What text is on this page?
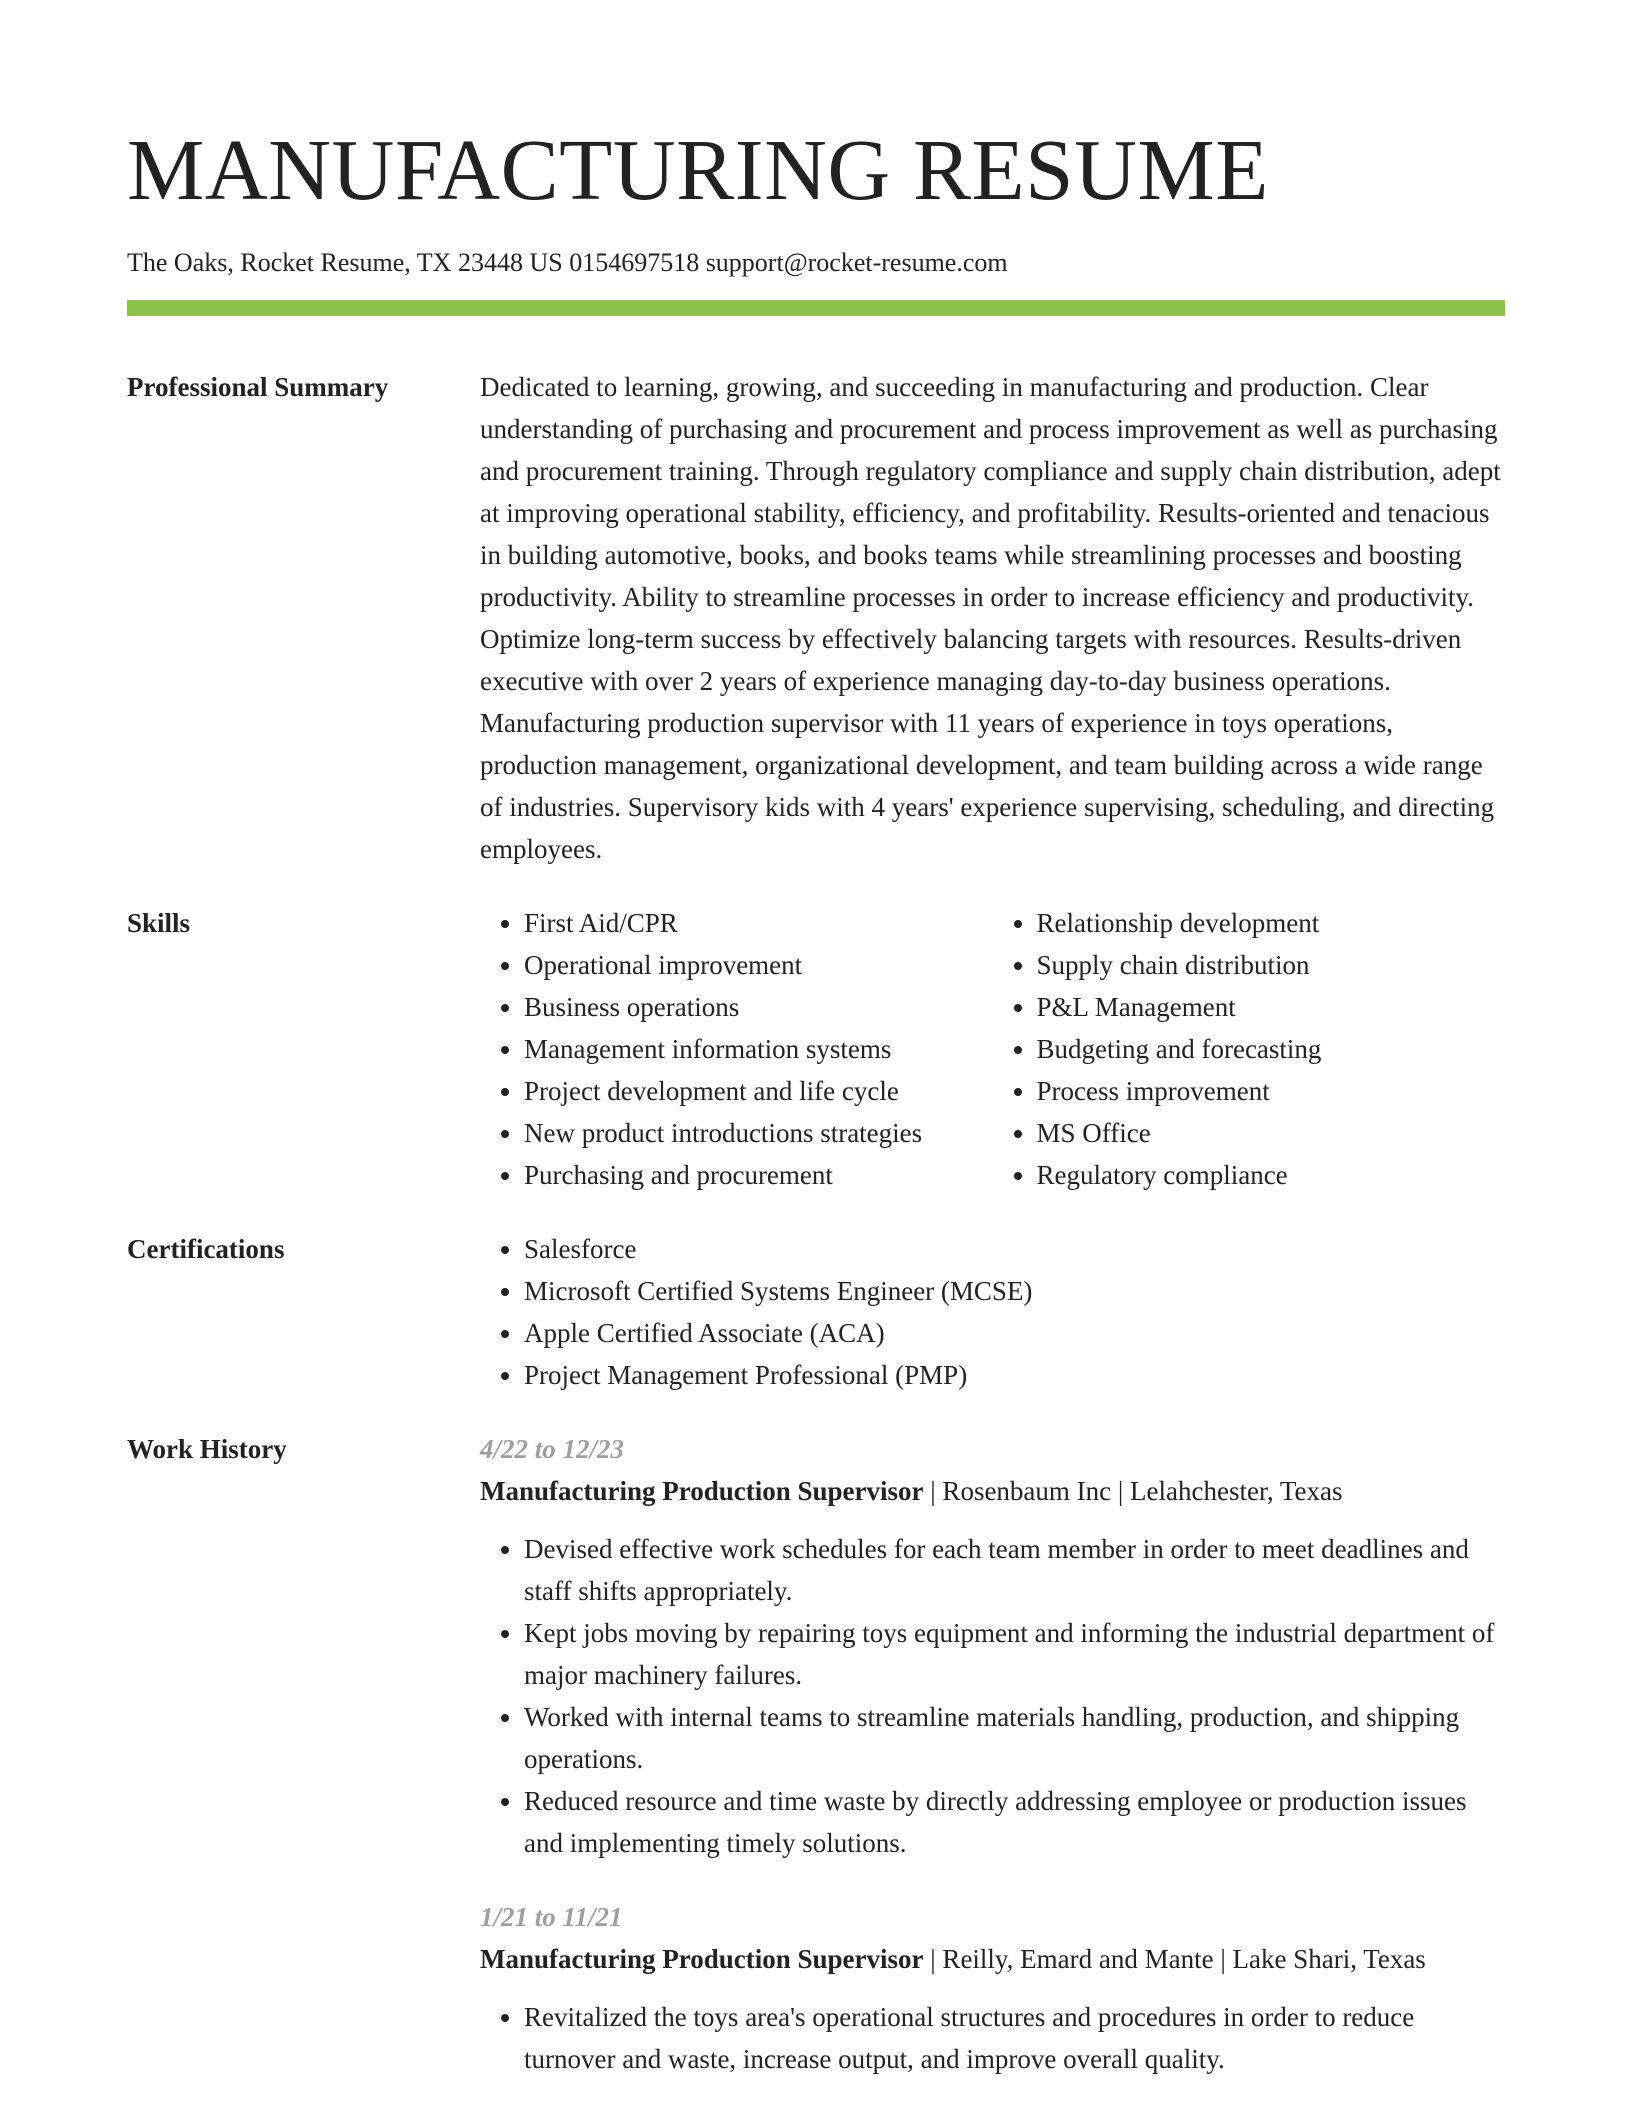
MANUFACTURING RESUME
The Oaks, Rocket Resume, TX 23448 US 0154697518 support@rocket-resume.com
Professional Summary	Dedicated to learning, growing, and succeeding in manufacturing and production. Clear understanding of purchasing and procurement and process improvement as well as purchasing and procurement training. Through regulatory compliance and supply chain distribution, adept at improving operational stability, efficiency, and profitability. Results-oriented and tenacious in building automotive, books, and books teams while streamlining processes and boosting productivity. Ability to streamline processes in order to increase efficiency and productivity. Optimize long-term success by effectively balancing targets with resources. Results-driven executive with over 2 years of experience managing day-to-day business operations. Manufacturing production supervisor with 11 years of experience in toys operations, production management, organizational development, and team building across a wide range of industries. Supervisory kids with 4 years' experience supervising, scheduling, and directing employees.
Skills	• First Aid/CPR
• Operational improvement
• Business operations
• Management information systems
• Project development and life cycle
• New product introductions strategies
• Purchasing and procurement
• Relationship development
• Supply chain distribution
• P&L Management
• Budgeting and forecasting
• Process improvement
• MS Office
• Regulatory compliance
Certifications	• Salesforce
• Microsoft Certified Systems Engineer (MCSE)
• Apple Certified Associate (ACA)
• Project Management Professional (PMP)
Work History	4/22 to 12/23
Manufacturing Production Supervisor | Rosenbaum Inc | Lelahchester, Texas
• Devised effective work schedules for each team member in order to meet deadlines and staff shifts appropriately.
• Kept jobs moving by repairing toys equipment and informing the industrial department of major machinery failures.
• Worked with internal teams to streamline materials handling, production, and shipping operations.
• Reduced resource and time waste by directly addressing employee or production issues and implementing timely solutions.
1/21 to 11/21
Manufacturing Production Supervisor | Reilly, Emard and Mante | Lake Shari, Texas
• Revitalized the toys area's operational structures and procedures in order to reduce turnover and waste, increase output, and improve overall quality.
